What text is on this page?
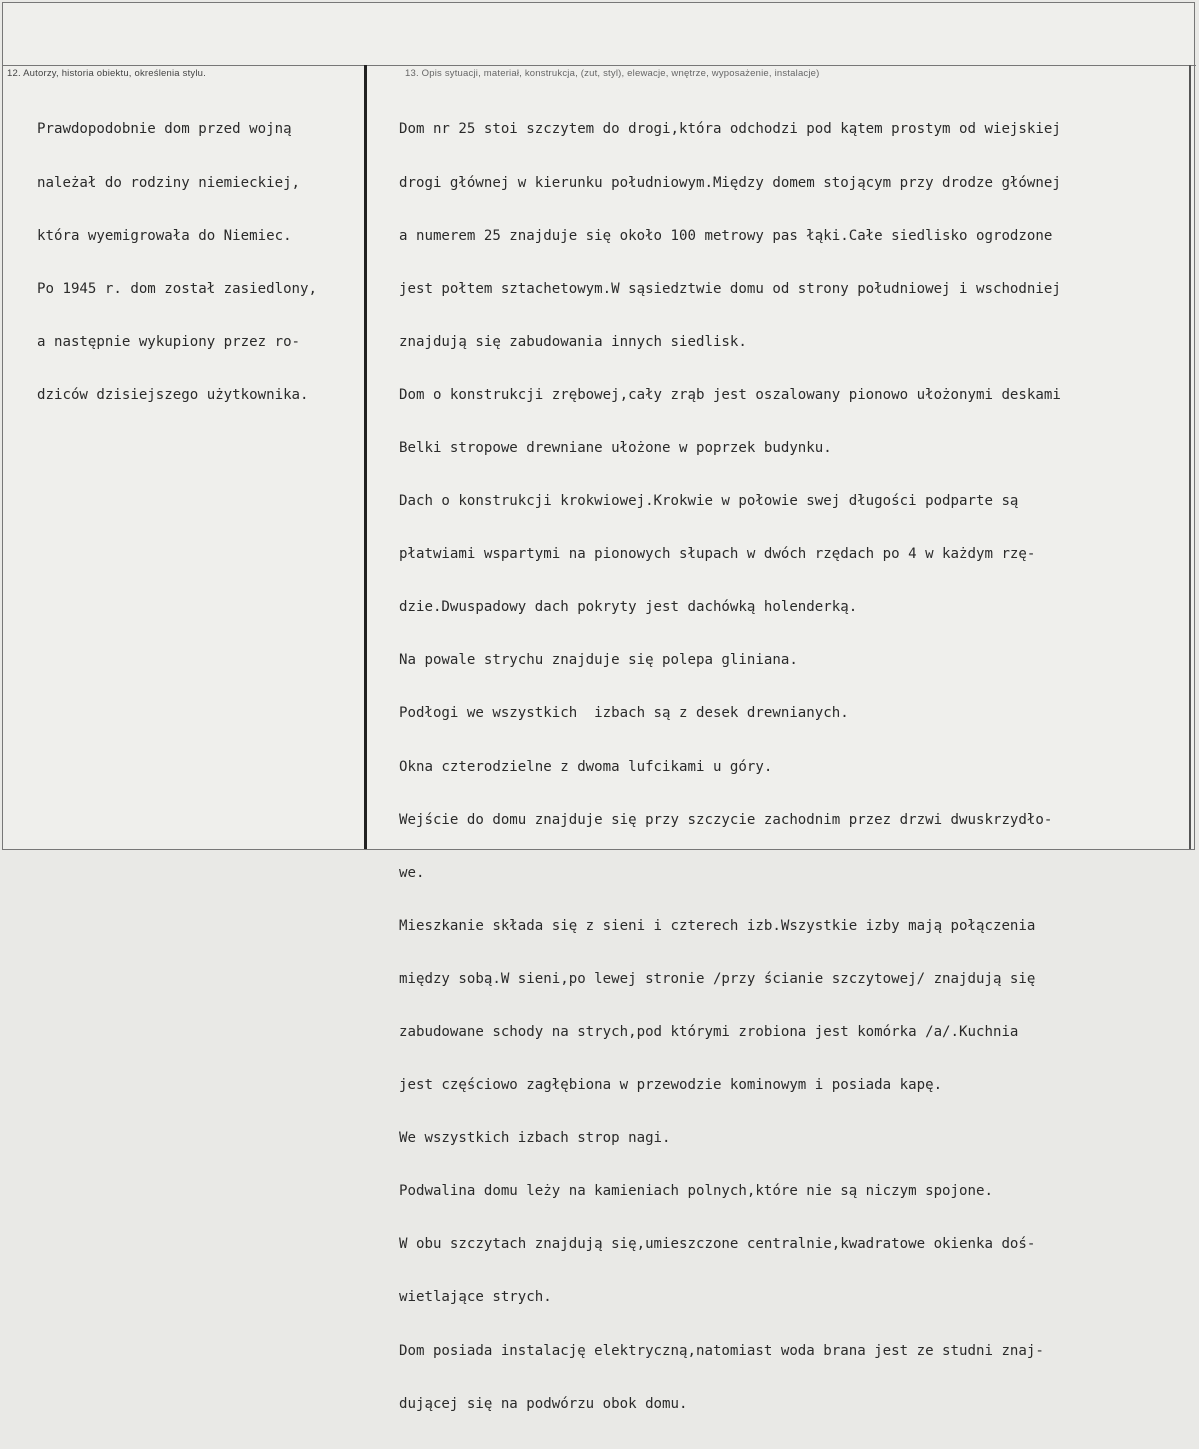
12. Autorzy, historia obiektu, określenia stylu.	13. Opis sytuacji, materiał, konstrukcja, (zut, styl), elewacje, wnętrze, wyposażenie, instalacje)

Prawdopodobnie dom przed wojną

należał do rodziny niemieckiej,

która wyemigrowała do Niemiec.

Po 1945 r. dom został zasiedlony,

a następnie wykupiony przez ro-

dziców dzisiejszego użytkownika.

Dom nr 25 stoi szczytem do drogi,która odchodzi pod kątem prostym od wiejskiej

drogi głównej w kierunku południowym.Między domem stojącym przy drodze głównej

a numerem 25 znajduje się około 100 metrowy pas łąki.Całe siedlisko ogrodzone

jest połtem sztachetowym.W sąsiedztwie domu od strony południowej i wschodniej

znajdują się zabudowania innych siedlisk.

Dom o konstrukcji zrębowej,cały zrąb jest oszalowany pionowo ułożonymi deskami

Belki stropowe drewniane ułożone w poprzek budynku.

Dach o konstrukcji krokwiowej.Krokwie w połowie swej długości podparte są

płatwiami wspartymi na pionowych słupach w dwóch rzędach po 4 w każdym rzę-

dzie.Dwuspadowy dach pokryty jest dachówką holenderką.

Na powale strychu znajduje się polepa gliniana.

Podłogi we wszystkich  izbach są z desek drewnianych.

Okna czterodzielne z dwoma lufcikami u góry.

Wejście do domu znajduje się przy szczycie zachodnim przez drzwi dwuskrzydło-

we.

Mieszkanie składa się z sieni i czterech izb.Wszystkie izby mają połączenia

między sobą.W sieni,po lewej stronie /przy ścianie szczytowej/ znajdują się

zabudowane schody na strych,pod którymi zrobiona jest komórka /a/.Kuchnia

jest częściowo zagłębiona w przewodzie kominowym i posiada kapę.

We wszystkich izbach strop nagi.

Podwalina domu leży na kamieniach polnych,które nie są niczym spojone.

W obu szczytach znajdują się,umieszczone centralnie,kwadratowe okienka doś-

wietlające strych.

Dom posiada instalację elektryczną,natomiast woda brana jest ze studni znaj-

dującej się na podwórzu obok domu.
